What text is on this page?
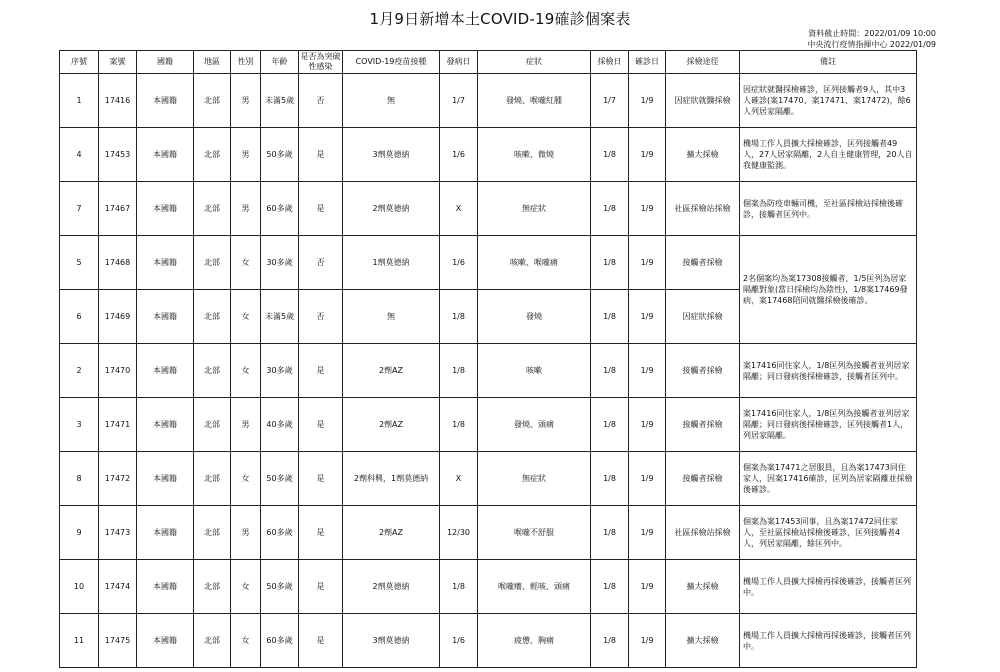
1月9日新增本土COVID-19確診個案表
資料截止時間：2022/01/09 10:00
中央流行疫情指揮中心 2022/01/09
序號	案號	國籍	地區	性別	年齡	是否為突破性感染	COVID-19疫苗接種	發病日	症狀	採檢日	確診日	採檢途徑	備註
1	17416	本國籍	北部	男	未滿5歲	否	無	1/7	發燒、喉嚨紅腫	1/7	1/9	因症狀就醫採檢	因症狀就醫採檢確診，匡列接觸者9人，其中3人確診(案17470、案17471、案17472)，餘6人列居家隔離。
4	17453	本國籍	北部	男	50多歲	是	3劑莫德納	1/6	咳嗽、微燒	1/8	1/9	擴大採檢	機場工作人員擴大採檢確診，匡列接觸者49人，27人居家隔離，2人自主健康管理，20人自我健康監測。
7	17467	本國籍	北部	男	60多歲	是	2劑莫德納	X	無症狀	1/8	1/9	社區採檢站採檢	個案為防疫車輛司機，至社區採檢站採檢後確診，接觸者匡列中。
5	17468	本國籍	北部	女	30多歲	否	1劑莫德納	1/6	咳嗽、喉嚨痛	1/8	1/9	接觸者採檢	2名個案均為案17308接觸者，1/5匡列為居家隔離對象(當日採檢均為陰性)，1/8案17469發病，案17468陪同就醫採檢後確診。
6	17469	本國籍	北部	女	未滿5歲	否	無	1/8	發燒	1/8	1/9	因症狀採檢	
2	17470	本國籍	北部	女	30多歲	是	2劑AZ	1/8	咳嗽	1/8	1/9	接觸者採檢	案17416同住家人，1/8匡列為接觸者並列居家隔離；同日發病後採檢確診，接觸者匡列中。
3	17471	本國籍	北部	男	40多歲	是	2劑AZ	1/8	發燒、頭痛	1/8	1/9	接觸者採檢	案17416同住家人，1/8匡列為接觸者並列居家隔離；同日發病後採檢確診，匡列接觸者1人，列居家隔離。
8	17472	本國籍	北部	女	50多歲	是	2劑科興，1劑莫德納	X	無症狀	1/8	1/9	接觸者採檢	個案為案17471之居服員，且為案17473同住家人，因案17416確診，匡列為居家隔離並採檢後確診。
9	17473	本國籍	北部	男	60多歲	是	2劑AZ	12/30	喉嚨不舒服	1/8	1/9	社區採檢站採檢	個案為案17453同事，且為案17472同住家人，至社區採檢站採檢後確診，匡列接觸者4人，列居家隔離，餘匡列中。
10	17474	本國籍	北部	女	50多歲	是	2劑莫德納	1/8	喉嚨癢、輕咳、頭痛	1/8	1/9	擴大採檢	機場工作人員擴大採檢再採後確診，接觸者匡列中。
11	17475	本國籍	北部	女	60多歲	是	3劑莫德納	1/6	疲憊、胸痛	1/8	1/9	擴大採檢	機場工作人員擴大採檢再採後確診，接觸者匡列中。
